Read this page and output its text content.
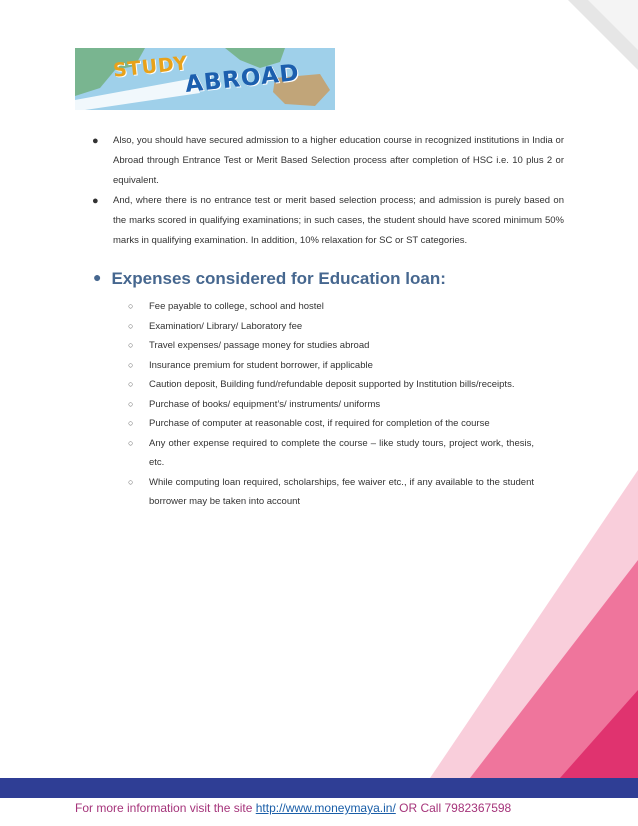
STUDY
ABROAD
● Also, you should have secured admission to a higher education course in recognized institutions in India or Abroad through Entrance Test or Merit Based Selection process after completion of HSC i.e. 10 plus 2 or equivalent.
● And, where there is no entrance test or merit based selection process; and admission is purely based on the marks scored in qualifying examinations; in such cases, the student should have scored minimum 50% marks in qualifying examination. In addition, 10% relaxation for SC or ST categories.
● Expenses considered for Education loan:
○ Fee payable to college, school and hostel
○ Examination/ Library/ Laboratory fee
○ Travel expenses/ passage money for studies abroad
○ Insurance premium for student borrower, if applicable
○ Caution deposit, Building fund/refundable deposit supported by Institution bills/receipts.
○ Purchase of books/ equipment’s/ instruments/ uniforms
○ Purchase of computer at reasonable cost, if required for completion of the course
○ Any other expense required to complete the course – like study tours, project work, thesis, etc.
○ While computing loan required, scholarships, fee waiver etc., if any available to the student borrower may be taken into account
For more information visit the site http://www.moneymaya.in/ OR Call 7982367598
